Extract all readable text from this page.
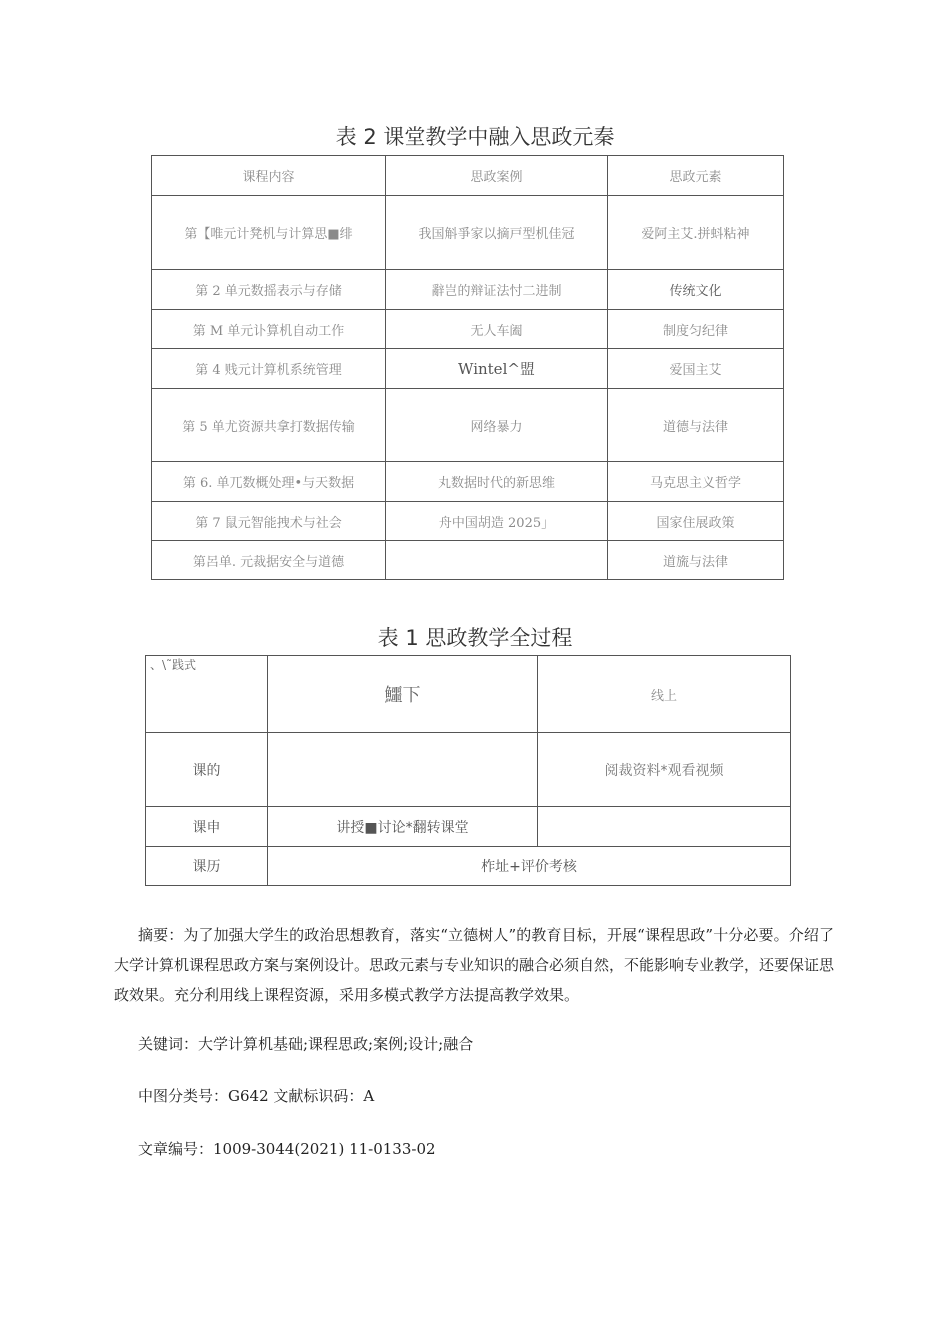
表 2 课堂教学中融入思政元秦
课程内容	思政案例	思政元素
第【唯元计凳机与计算思■绯	我国斛爭家以摘戸型机佳冠	爱阿主艾.拼蚪粘神
第 2 单元数摇表示与存储	辭岂的辩证法忖二进制	传统文化
第 M 单元讣算机自动工作	无人车阖	制度匀纪律
第 4 贱元计算机系统管理	Wintel^盟	爱国主艾
第 5 单尤资源共拿打数据传输	网络暴力	道德与法律
第 6. 单兀数概处理•与天数据	丸数据时代的新思维	马克思主义哲学
第 7 鼠元智能拽术与社会	舟中国胡造 2025」	国家住展政策
第呂单. 元裁据安全与道德		道旒与法律
表 1 思政教学全过程
、\˜践式	鱷下	线上
课的		阅裁资料*观看视频
课申	讲授■讨论*翻转课堂	
课历	柞址+评价考核	
摘要：为了加强大学生的政治思想教育，落实“立德树人”的教育目标，开展“课程思政”十分必要。介绍了大学计算机课程思政方案与案例设计。思政元素与专业知识的融合必须自然，不能影响专业教学，还要保证思政效果。充分利用线上课程资源，采用多模式教学方法提高教学效果。
关键词：大学计算机基础;课程思政;案例;设计;融合
中图分类号：G642 文献标识码：A
文章编号：1009-3044(2021) 11-0133-02
